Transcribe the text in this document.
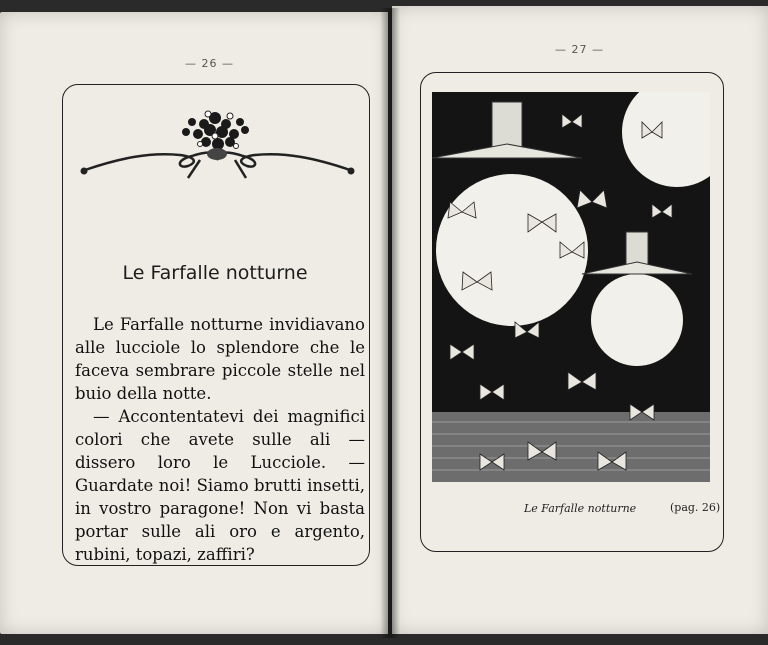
— 26 —
— 27 —
Le Farfalle notturne

Le Farfalle notturne invidiavano alle lucciole lo splendore che le faceva sembrare piccole stelle nel buio della notte.

— Accontentatevi dei magnifici colori che avete sulle ali — dissero loro le Lucciole. — Guardate noi! Siamo brutti insetti, in vostro paragone! Non vi basta portar sulle ali oro e argento, rubini, topazi, zaffiri?

Le Farfalle notturne	(pag. 26)
